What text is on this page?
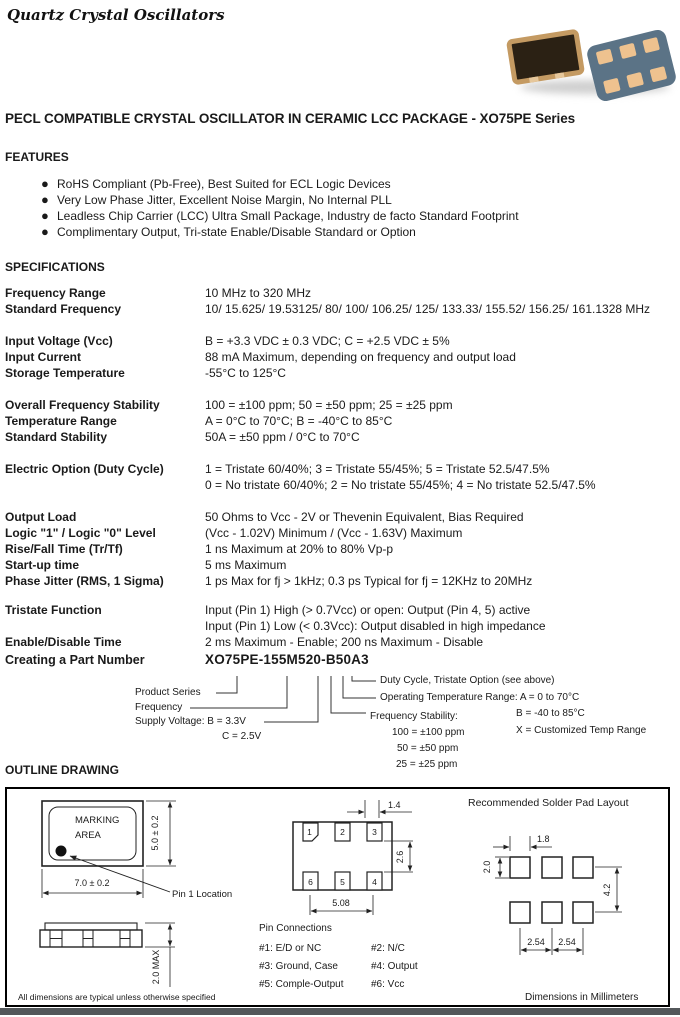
Quartz Crystal Oscillators
PECL COMPATIBLE CRYSTAL OSCILLATOR IN CERAMIC LCC PACKAGE - XO75PE Series
FEATURES
● RoHS Compliant (Pb-Free), Best Suited for ECL Logic Devices
● Very Low Phase Jitter, Excellent Noise Margin, No Internal PLL
● Leadless Chip Carrier (LCC) Ultra Small Package, Industry de facto Standard Footprint
● Complimentary Output, Tri-state Enable/Disable Standard or Option
SPECIFICATIONS
Frequency Range	10 MHz to 320 MHz
Standard Frequency	10/ 15.625/ 19.53125/ 80/ 100/ 106.25/ 125/ 133.33/ 155.52/ 156.25/ 161.1328 MHz
Input Voltage (Vcc)	B = +3.3 VDC ± 0.3 VDC; C = +2.5 VDC ± 5%
Input Current	88 mA Maximum, depending on frequency and output load
Storage Temperature	-55°C to 125°C
Overall Frequency Stability	100 = ±100 ppm; 50 = ±50 ppm; 25 = ±25 ppm
Temperature Range	A = 0°C to 70°C; B = -40°C to 85°C
Standard Stability	50A = ±50 ppm / 0°C to 70°C
Electric Option (Duty Cycle)	1 = Tristate 60/40%; 3 = Tristate 55/45%; 5 = Tristate 52.5/47.5%
0 = No tristate 60/40%; 2 = No tristate 55/45%; 4 = No tristate 52.5/47.5%
Output Load	50 Ohms to Vcc - 2V or Thevenin Equivalent, Bias Required
Logic "1" / Logic "0" Level	(Vcc - 1.02V) Minimum / (Vcc - 1.63V) Maximum
Rise/Fall Time (Tr/Tf)	1 ns Maximum at 20% to 80% Vp-p
Start-up time	5 ms Maximum
Phase Jitter (RMS, 1 Sigma)	1 ps Max for fj > 1kHz; 0.3 ps Typical for fj = 12KHz to 20MHz
Tristate Function	Input (Pin 1) High (> 0.7Vcc) or open: Output (Pin 4, 5) active
Input (Pin 1) Low (< 0.3Vcc): Output disabled in high impedance
Enable/Disable Time	2 ms Maximum - Enable; 200 ns Maximum - Disable
Creating a Part Number	XO75PE-155M520-B50A3
Product Series
Frequency
Supply Voltage: B = 3.3V
C = 2.5V
Duty Cycle, Tristate Option (see above)
Operating Temperature Range: A = 0 to 70°C
B = -40 to 85°C
Frequency Stability:
100 = ±100 ppm	X = Customized Temp Range
50 = ±50 ppm
25 = ±25 ppm
OUTLINE DRAWING
MARKING
AREA	5.0 ± 0.2
7.0 ± 0.2
Pin 1 Location
2.0 MAX
1	2	3
6	5	4
1.4
2.6
5.08
Pin Connections
#1: E/D or NC	#2: N/C
#3: Ground, Case	#4: Output
#5: Comple-Output	#6: Vcc
Recommended Solder Pad Layout
1.8
2.0
4.2
2.54 2.54
All dimensions are typical unless otherwise specified	Dimensions in Millimeters
